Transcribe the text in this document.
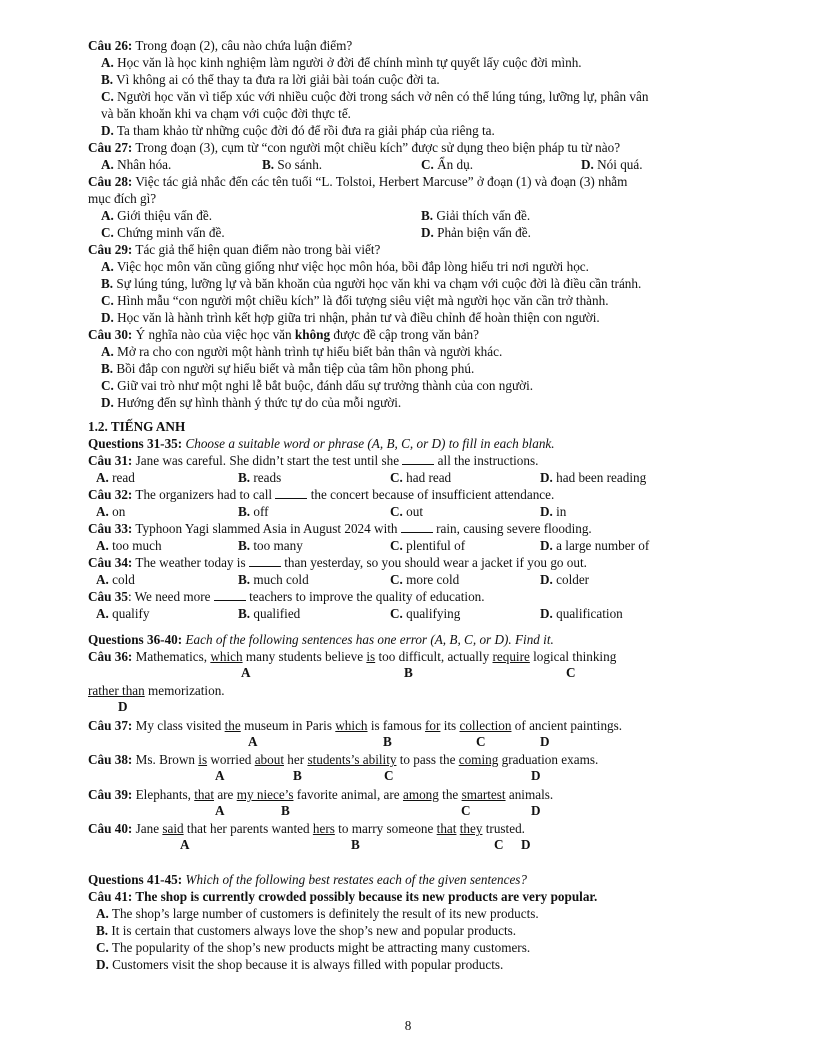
Câu 26: Trong đoạn (2), câu nào chứa luận điểm?
A. Học văn là học kinh nghiệm làm người ở đời để chính mình tự quyết lấy cuộc đời mình.
B. Vì không ai có thể thay ta đưa ra lời giải bài toán cuộc đời ta.
C. Người học văn vì tiếp xúc với nhiều cuộc đời trong sách vở nên có thể lúng túng, lưỡng lự, phân vân
và băn khoăn khi va chạm với cuộc đời thực tế.
D. Ta tham khảo từ những cuộc đời đó để rồi đưa ra giải pháp của riêng ta.
Câu 27: Trong đoạn (3), cụm từ “con người một chiều kích” được sử dụng theo biện pháp tu từ nào?
A. Nhân hóa.	B. So sánh.	C. Ẩn dụ.	D. Nói quá.
Câu 28: Việc tác giả nhắc đến các tên tuổi “L. Tolstoi, Herbert Marcuse” ở đoạn (1) và đoạn (3) nhằm
mục đích gì?
A. Giới thiệu vấn đề.	B. Giải thích vấn đề.
C. Chứng minh vấn đề.	D. Phản biện vấn đề.
Câu 29: Tác giả thể hiện quan điểm nào trong bài viết?
A. Việc học môn văn cũng giống như việc học môn hóa, bồi đắp lòng hiếu tri nơi người học.
B. Sự lúng túng, lưỡng lự và băn khoăn của người học văn khi va chạm với cuộc đời là điều cần tránh.
C. Hình mẫu “con người một chiều kích” là đối tượng siêu việt mà người học văn cần trở thành.
D. Học văn là hành trình kết hợp giữa tri nhận, phản tư và điều chỉnh để hoàn thiện con người.
Câu 30: Ý nghĩa nào của việc học văn không được đề cập trong văn bản?
A. Mở ra cho con người một hành trình tự hiểu biết bản thân và người khác.
B. Bồi đắp con người sự hiểu biết và mẫn tiệp của tâm hồn phong phú.
C. Giữ vai trò như một nghi lễ bắt buộc, đánh dấu sự trưởng thành của con người.
D. Hướng đến sự hình thành ý thức tự do của mỗi người.
1.2. TIẾNG ANH
Questions 31-35: Choose a suitable word or phrase (A, B, C, or D) to fill in each blank.
Câu 31: Jane was careful. She didn’t start the test until she  all the instructions.
A. read	B. reads	C. had read	D. had been reading
Câu 32: The organizers had to call  the concert because of insufficient attendance.
A. on	B. off	C. out	D. in
Câu 33: Typhoon Yagi slammed Asia in August 2024 with  rain, causing severe flooding.
A. too much	B. too many	C. plentiful of	D. a large number of
Câu 34: The weather today is  than yesterday, so you should wear a jacket if you go out.
A. cold	B. much cold	C. more cold	D. colder
Câu 35: We need more  teachers to improve the quality of education.
A. qualify	B. qualified	C. qualifying	D. qualification
Questions 36-40: Each of the following sentences has one error (A, B, C, or D). Find it.
Câu 36: Mathematics, which many students believe is too difficult, actually require logical thinking
A	B	C
rather than memorization.
D
Câu 37: My class visited the museum in Paris which is famous for its collection of ancient paintings.
A	B	C	D
Câu 38: Ms. Brown is worried about her students’s ability to pass the coming graduation exams.
A	B	C	D
Câu 39: Elephants, that are my niece’s favorite animal, are among the smartest animals.
A	B	C	D
Câu 40: Jane said that her parents wanted hers to marry someone that they trusted.
A	B	C D
Questions 41-45: Which of the following best restates each of the given sentences?
Câu 41: The shop is currently crowded possibly because its new products are very popular.
A. The shop’s large number of customers is definitely the result of its new products.
B. It is certain that customers always love the shop’s new and popular products.
C. The popularity of the shop’s new products might be attracting many customers.
D. Customers visit the shop because it is always filled with popular products.
8
